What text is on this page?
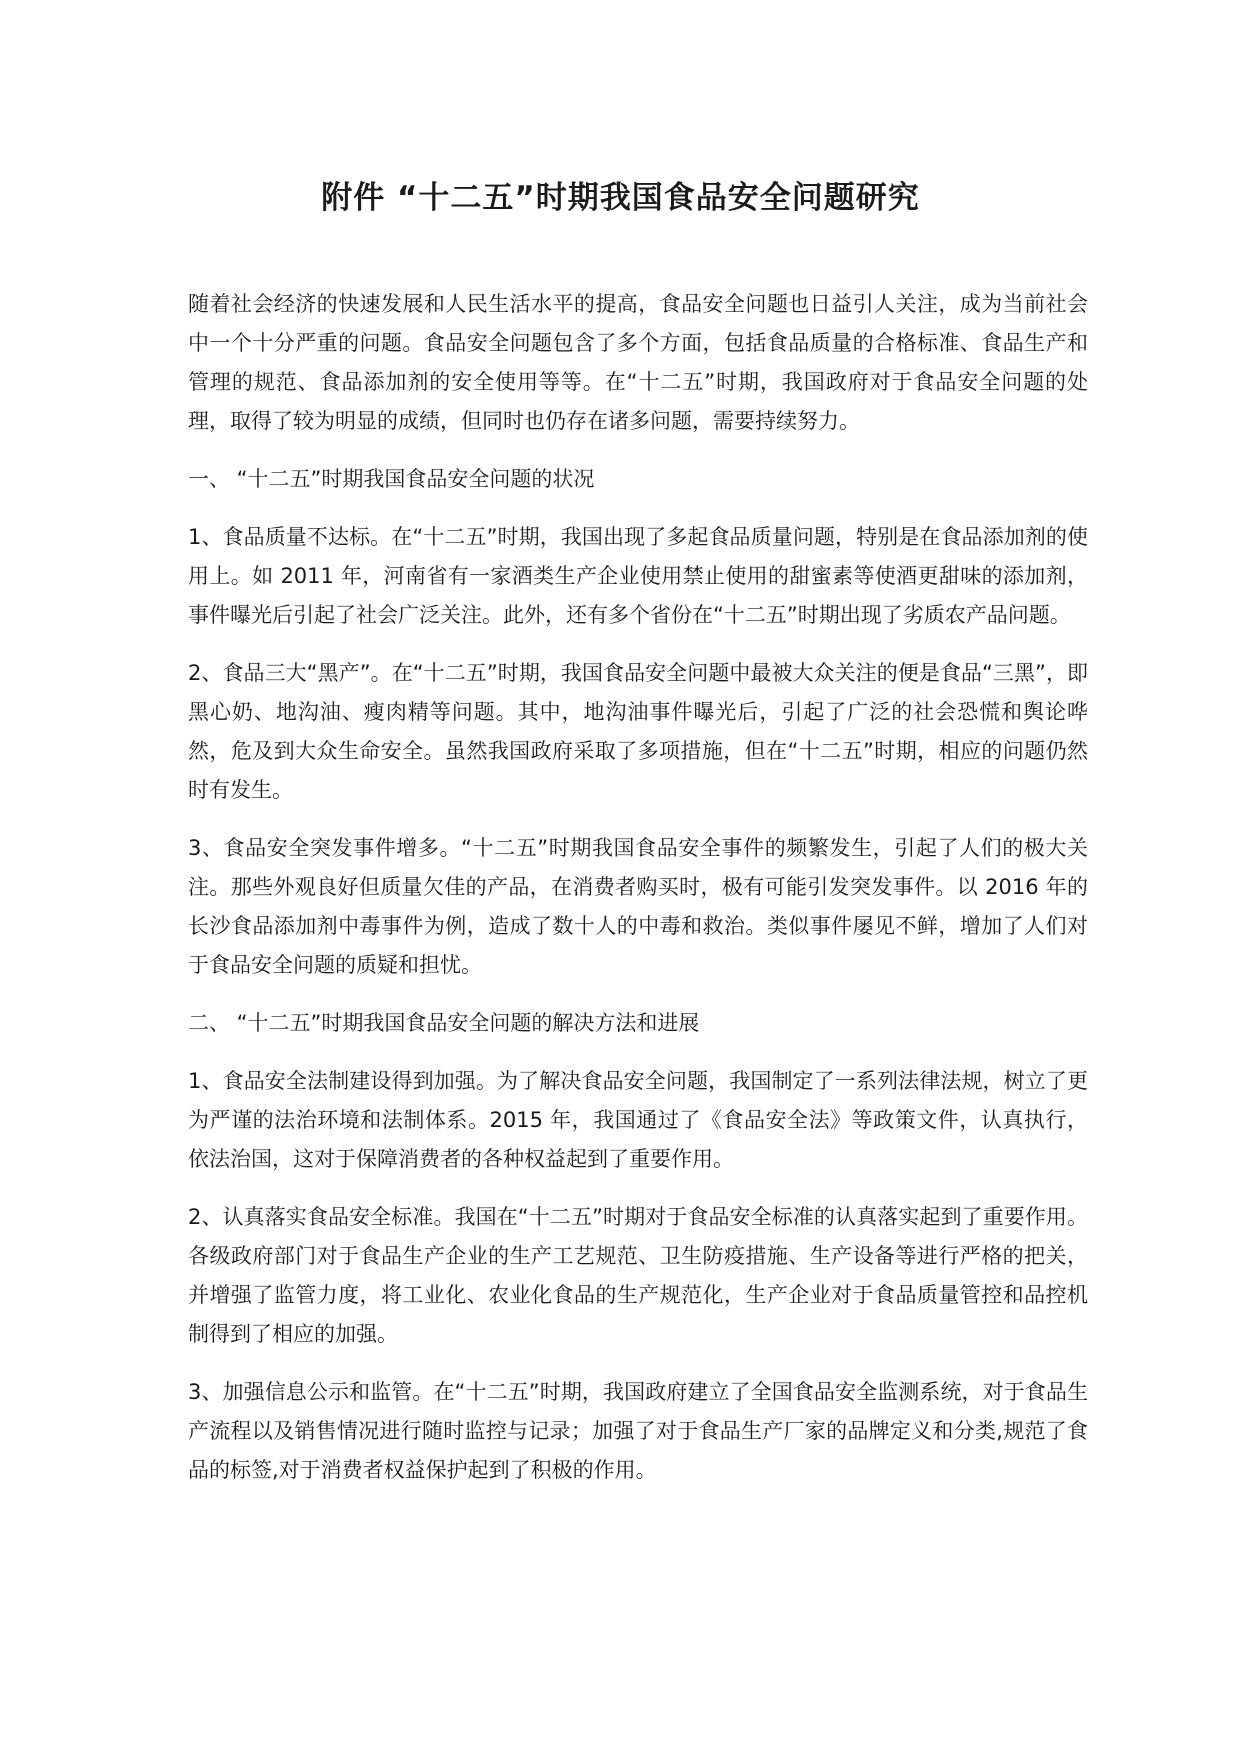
附件 “十二五”时期我国食品安全问题研究

随着社会经济的快速发展和人民生活水平的提高，食品安全问题也日益引人关注，成为当前社会中一个十分严重的问题。食品安全问题包含了多个方面，包括食品质量的合格标准、食品生产和管理的规范、食品添加剂的安全使用等等。在“十二五”时期，我国政府对于食品安全问题的处理，取得了较为明显的成绩，但同时也仍存在诸多问题，需要持续努力。

一、 “十二五”时期我国食品安全问题的状况

1、食品质量不达标。在“十二五”时期，我国出现了多起食品质量问题，特别是在食品添加剂的使用上。如 2011 年，河南省有一家酒类生产企业使用禁止使用的甜蜜素等使酒更甜味的添加剂，事件曝光后引起了社会广泛关注。此外，还有多个省份在“十二五”时期出现了劣质农产品问题。

2、食品三大“黑产”。在“十二五”时期，我国食品安全问题中最被大众关注的便是食品“三黑”，即黑心奶、地沟油、瘦肉精等问题。其中，地沟油事件曝光后，引起了广泛的社会恐慌和舆论哗然，危及到大众生命安全。虽然我国政府采取了多项措施，但在“十二五”时期，相应的问题仍然时有发生。

3、食品安全突发事件增多。“十二五”时期我国食品安全事件的频繁发生，引起了人们的极大关注。那些外观良好但质量欠佳的产品，在消费者购买时，极有可能引发突发事件。以 2016 年的长沙食品添加剂中毒事件为例，造成了数十人的中毒和救治。类似事件屡见不鲜，增加了人们对于食品安全问题的质疑和担忧。

二、 “十二五”时期我国食品安全问题的解决方法和进展

1、食品安全法制建设得到加强。为了解决食品安全问题，我国制定了一系列法律法规，树立了更为严谨的法治环境和法制体系。2015 年，我国通过了《食品安全法》等政策文件，认真执行，依法治国，这对于保障消费者的各种权益起到了重要作用。

2、认真落实食品安全标准。我国在“十二五”时期对于食品安全标准的认真落实起到了重要作用。各级政府部门对于食品生产企业的生产工艺规范、卫生防疫措施、生产设备等进行严格的把关，并增强了监管力度，将工业化、农业化食品的生产规范化，生产企业对于食品质量管控和品控机制得到了相应的加强。

3、加强信息公示和监管。在“十二五”时期，我国政府建立了全国食品安全监测系统，对于食品生产流程以及销售情况进行随时监控与记录；加强了对于食品生产厂家的品牌定义和分类,规范了食品的标签,对于消费者权益保护起到了积极的作用。
